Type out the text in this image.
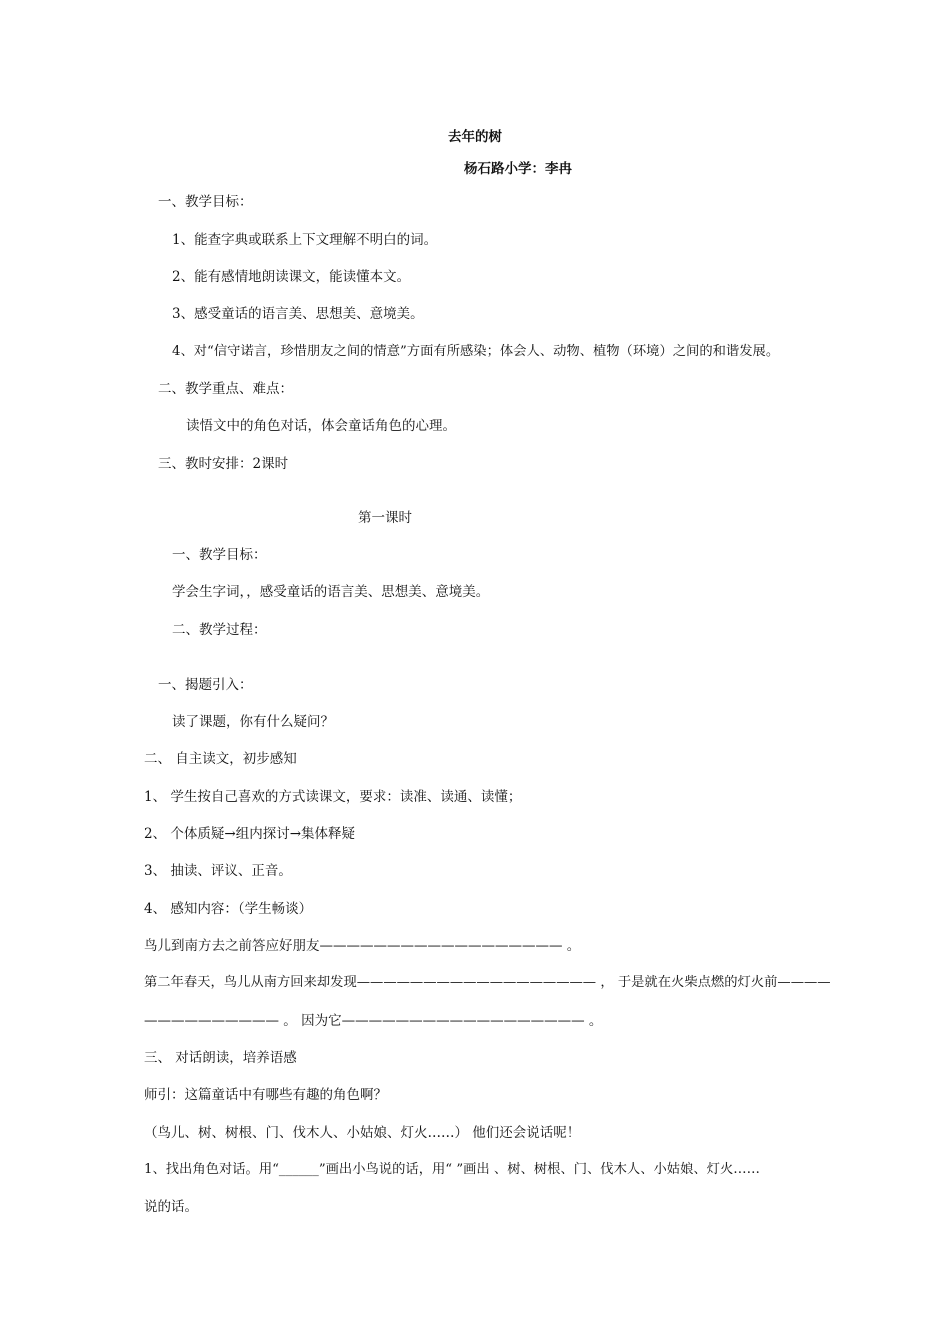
去年的树
杨石路小学：李冉
一、教学目标：
1、能查字典或联系上下文理解不明白的词。
2、能有感情地朗读课文，能读懂本文。
3、感受童话的语言美、思想美、意境美。
4、对“信守诺言，珍惜朋友之间的情意”方面有所感染；体会人、动物、植物（环境）之间的和谐发展。
二、教学重点、难点：
读悟文中的角色对话，体会童话角色的心理。
三、教时安排：2课时
第一课时
一、教学目标：
学会生字词，，感受童话的语言美、思想美、意境美。
二、教学过程：
一、揭题引入：
读了课题，你有什么疑问？
二、 自主读文，初步感知
1、 学生按自己喜欢的方式读课文，要求：读准、读通、读懂；
2、 个体质疑→组内探讨→集体释疑
3、 抽读、评议、正音。
4、 感知内容：（学生畅谈）
鸟儿到南方去之前答应好朋友—————————————————— 。
第二年春天，鸟儿从南方回来却发现—————————————————— ， 于是就在火柴点燃的灯火前————
—————————— 。 因为它—————————————————— 。
三、 对话朗读，培养语感
师引：这篇童话中有哪些有趣的角色啊？
（鸟儿、树、树根、门、伐木人、小姑娘、灯火……） 他们还会说话呢！
1、找出角色对话。用“______”画出小鸟说的话，用“ ”画出 、树、树根、门、伐木人、小姑娘、灯火……
说的话。
